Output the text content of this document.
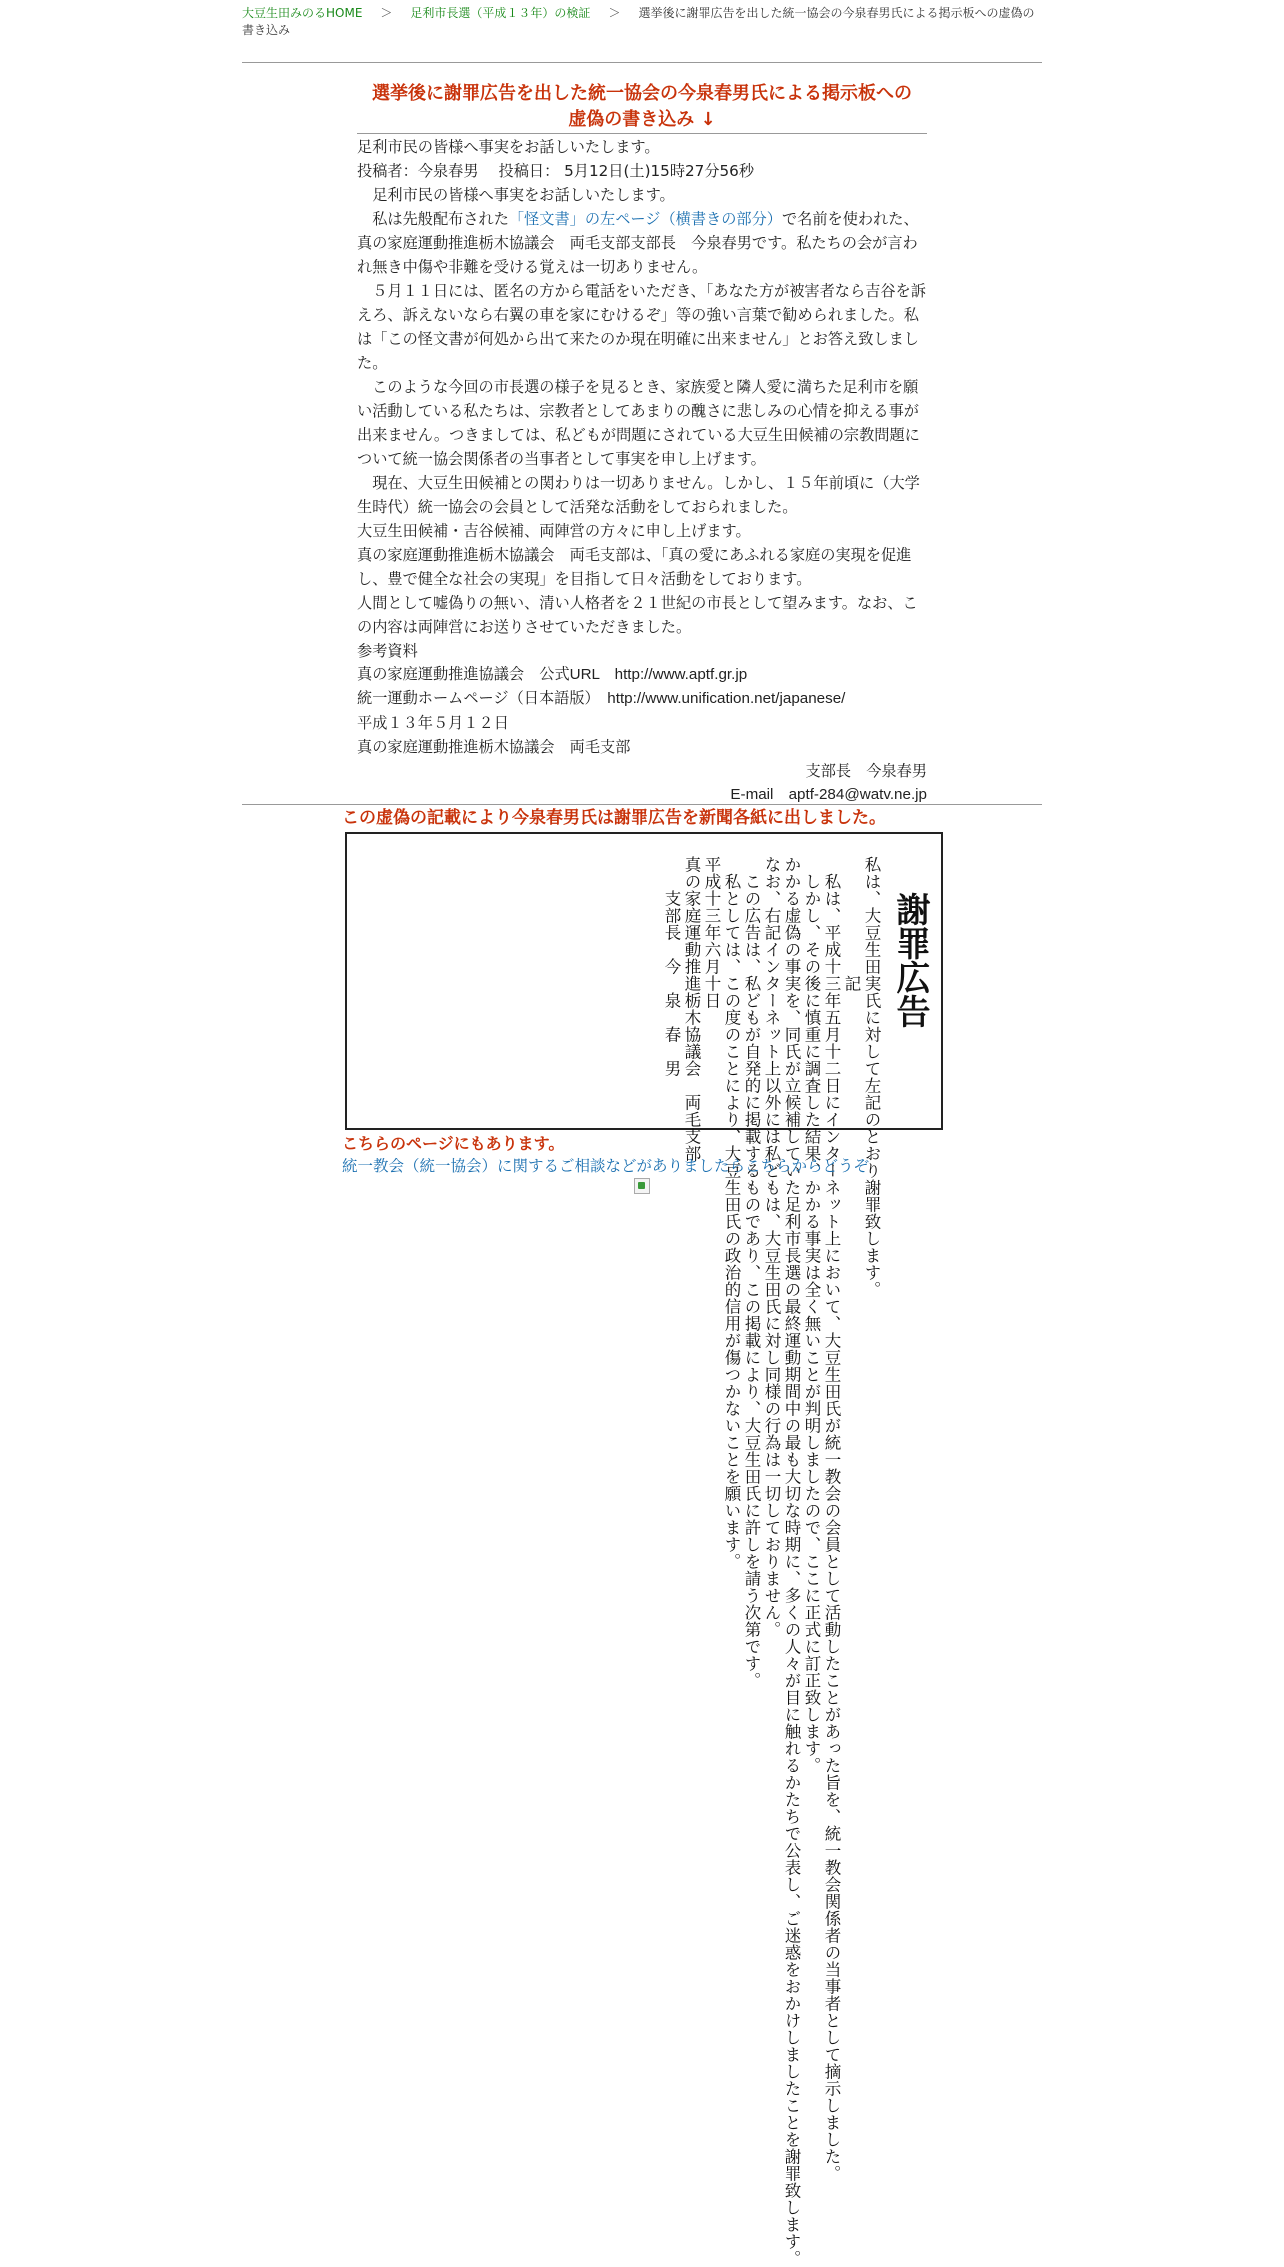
大豆生田みのるHOME ＞ 足利市長選（平成１３年）の検証 ＞ 選挙後に謝罪広告を出した統一協会の今泉春男氏による掲示板への虚偽の書き込み
選挙後に謝罪広告を出した統一協会の今泉春男氏による掲示板への
虚偽の書き込み ↓

足利市民の皆様へ事実をお話しいたします。

投稿者：今泉春男　 投稿日： 5月12日(土)15時27分56秒

　足利市民の皆様へ事実をお話しいたします。

　私は先般配布された「怪文書」の左ページ（横書きの部分）で名前を使われた、真の家庭運動推進栃木協議会　両毛支部支部長　今泉春男です。私たちの会が言われ無き中傷や非難を受ける覚えは一切ありません。

　５月１１日には、匿名の方から電話をいただき、「あなた方が被害者なら吉谷を訴えろ、訴えないなら右翼の車を家にむけるぞ」等の強い言葉で勧められました。私は「この怪文書が何処から出て来たのか現在明確に出来ません」とお答え致しました。

　このような今回の市長選の様子を見るとき、家族愛と隣人愛に満ちた足利市を願い活動している私たちは、宗教者としてあまりの醜さに悲しみの心情を抑える事が出来ません。つきましては、私どもが問題にされている大豆生田候補の宗教問題について統一協会関係者の当事者として事実を申し上げます。

　現在、大豆生田候補との関わりは一切ありません。しかし、１５年前頃に（大学生時代）統一協会の会員として活発な活動をしておられました。

大豆生田候補・吉谷候補、両陣営の方々に申し上げます。

真の家庭運動推進栃木協議会　両毛支部は、「真の愛にあふれる家庭の実現を促進し、豊で健全な社会の実現」を目指して日々活動をしております。

人間として嘘偽りの無い、清い人格者を２１世紀の市長として望みます。なお、この内容は両陣営にお送りさせていただきました。

参考資料

真の家庭運動推進協議会　公式URL　http://www.aptf.gr.jp

統一運動ホームページ（日本語版）　http://www.unification.net/japanese/

平成１３年５月１２日

真の家庭運動推進栃木協議会　両毛支部

支部長　今泉春男

E-mail　aptf-284@watv.ne.jp

この虚偽の記載により今泉春男氏は謝罪広告を新聞各紙に出しました。
謝罪広告
私は、大豆生田実氏に対して左記のとおり謝罪致します。
　　　　　　　記
　私は、平成十三年五月十二日にインターネット上において、大豆生田氏が統一教会の会員として活動したことがあった旨を、統一教会関係者の当事者として摘示しました。
　しかし、その後に慎重に調査した結果、かかる事実は全く無いことが判明しましたので、ここに正式に訂正致します。
かかる虚偽の事実を、同氏が立候補していた足利市長選の最終運動期間中の最も大切な時期に、多くの人々が目に触れるかたちで公表し、ご迷惑をおかけしましたことを謝罪致します。
なお、右記インターネット上以外には私どもは、大豆生田氏に対し同様の行為は一切しておりません。
　この広告は、私どもが自発的に掲載するものであり、この掲載により、大豆生田氏に許しを請う次第です。
　私としては、この度のことにより、大豆生田氏の政治的信用が傷つかないことを願います。
平成十三年六月十日
真の家庭運動推進栃木協議会　両毛支部
　　支部長　今　泉　春　男
こちらのページにもあります。
統一教会（統一協会）に関するご相談などがありましたらこちらからどうぞ
